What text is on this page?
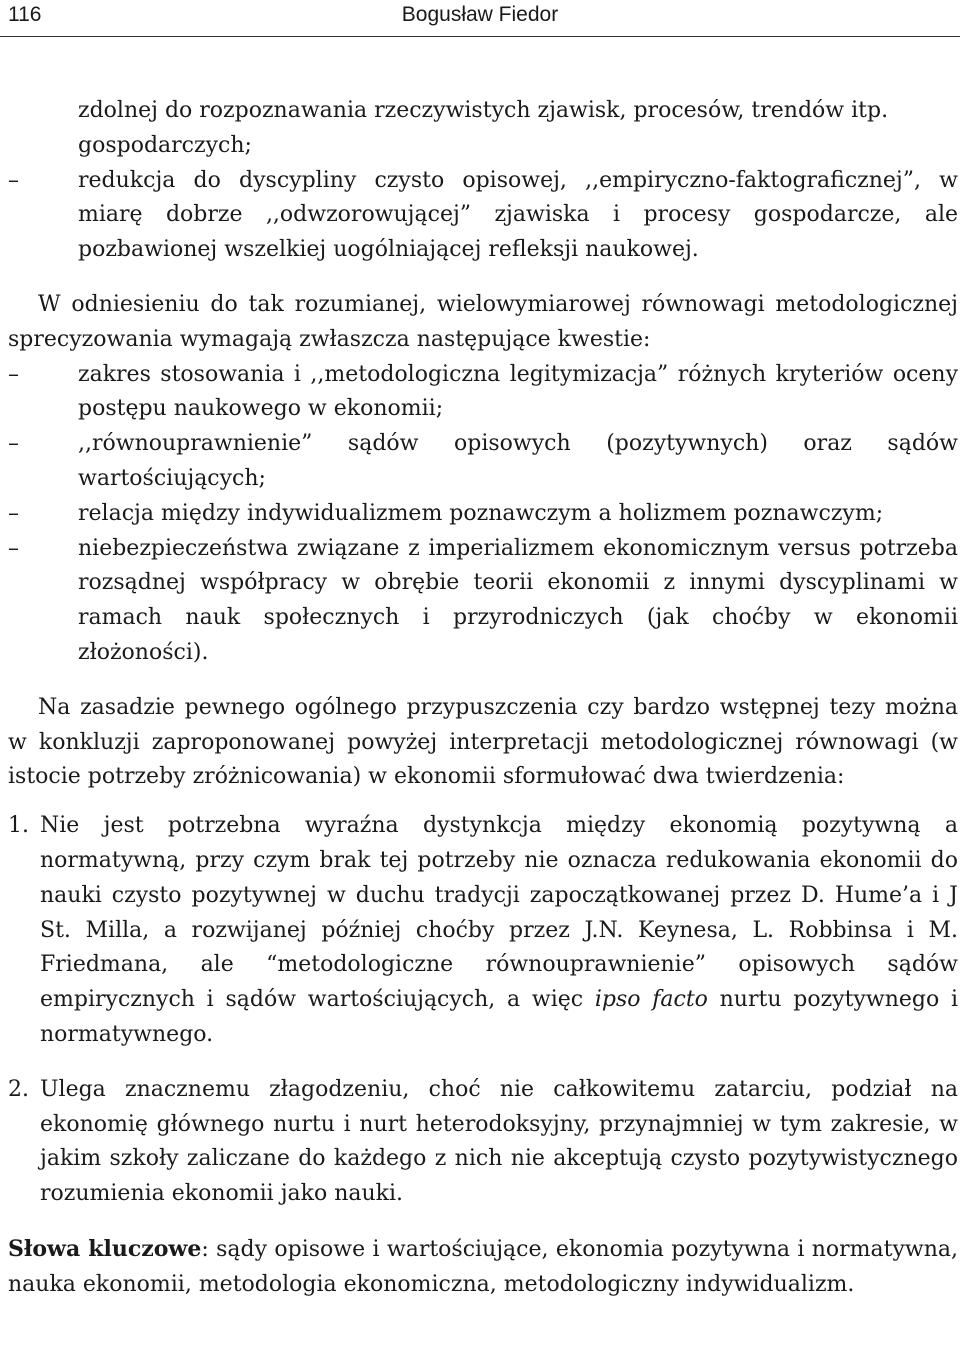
116	Bogusław Fiedor
zdolnej do rozpoznawania rzeczywistych zjawisk, procesów, trendów itp.
gospodarczych;
–	redukcja do dyscypliny czysto opisowej, ,,empiryczno-faktograficznej”, w miarę dobrze ,,odwzorowującej” zjawiska i procesy gospodarcze, ale pozbawionej wszelkiej uogólniającej refleksji naukowej.

W odniesieniu do tak rozumianej, wielowymiarowej równowagi metodologicznej sprecyzowania wymagają zwłaszcza następujące kwestie:

–	zakres stosowania i ,,metodologiczna legitymizacja” różnych kryteriów oceny postępu naukowego w ekonomii;
–	,,równouprawnienie” sądów opisowych (pozytywnych) oraz sądów wartościujących;
–	relacja między indywidualizmem poznawczym a holizmem poznawczym;
–	niebezpieczeństwa związane z imperializmem ekonomicznym versus potrzeba rozsądnej współpracy w obrębie teorii ekonomii z innymi dyscyplinami w ramach nauk społecznych i przyrodniczych (jak choćby w ekonomii złożoności).

Na zasadzie pewnego ogólnego przypuszczenia czy bardzo wstępnej tezy można w konkluzji zaproponowanej powyżej interpretacji metodologicznej równowagi (w istocie potrzeby zróżnicowania) w ekonomii sformułować dwa twierdzenia:

1. Nie jest potrzebna wyraźna dystynkcja między ekonomią pozytywną a normatywną, przy czym brak tej potrzeby nie oznacza redukowania ekonomii do nauki czysto pozytywnej w duchu tradycji zapoczątkowanej przez D. Hume’a i J St. Milla, a rozwijanej później choćby przez J.N. Keynesa, L. Robbinsa i M. Friedmana, ale “metodologiczne równouprawnienie” opisowych sądów empirycznych i sądów wartościujących, a więc ipso facto nurtu pozytywnego i normatywnego.
2. Ulega znacznemu złagodzeniu, choć nie całkowitemu zatarciu, podział na ekonomię głównego nurtu i nurt heterodoksyjny, przynajmniej w tym zakresie, w jakim szkoły zaliczane do każdego z nich nie akceptują czysto pozytywistycznego rozumienia ekonomii jako nauki.

Słowa kluczowe: sądy opisowe i wartościujące, ekonomia pozytywna i normatywna, nauka ekonomii, metodologia ekonomiczna, metodologiczny indywidualizm.
